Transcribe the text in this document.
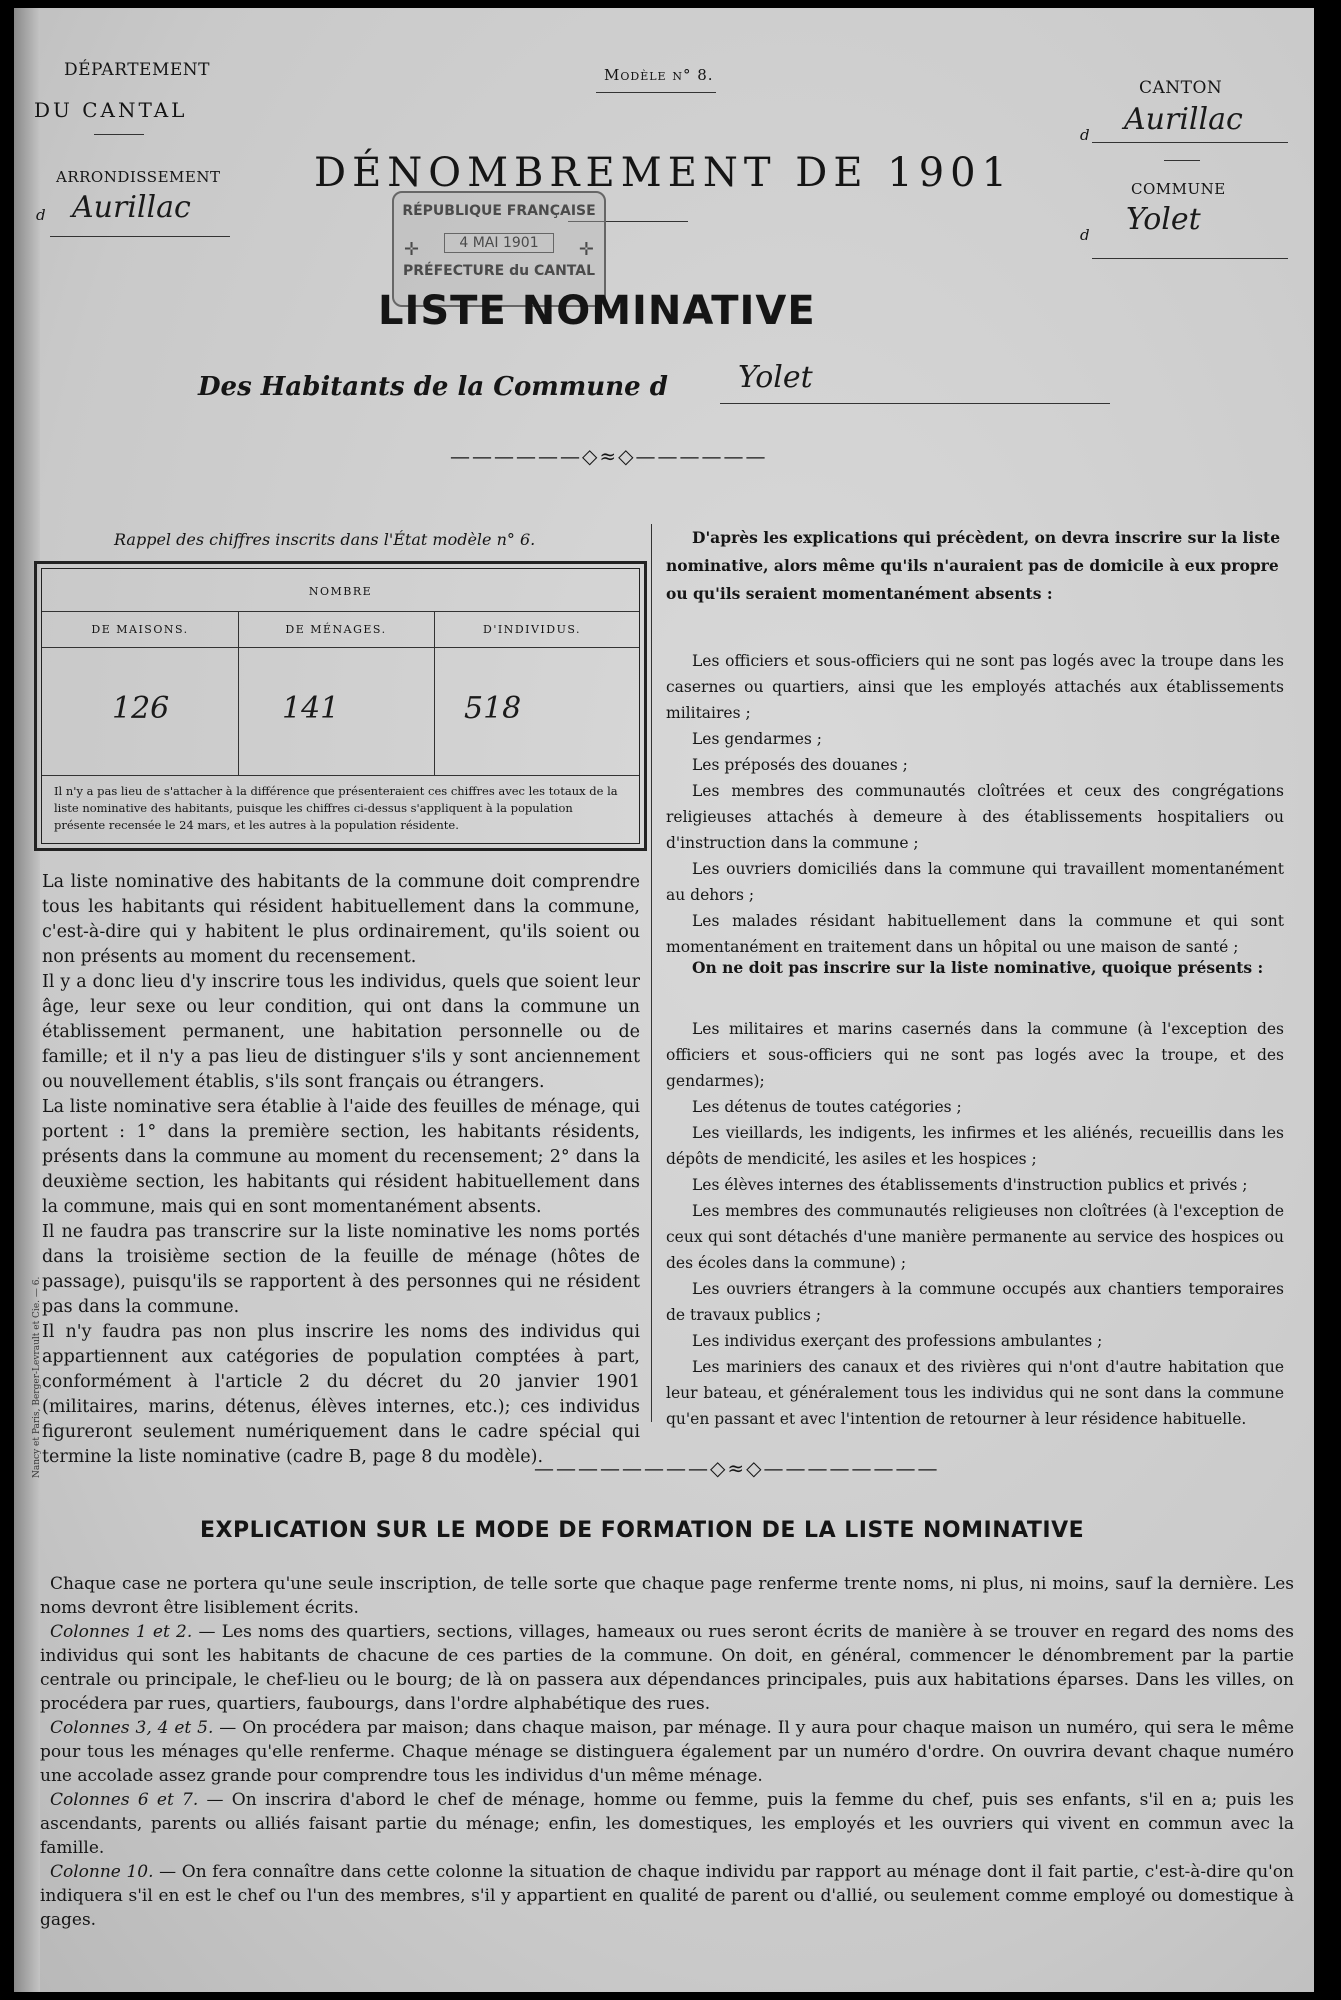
Nancy et Paris, Berger-Levrault et Cie. — 6.
DÉPARTEMENT
DU CANTAL
ARRONDISSEMENT
d Aurillac
Modèle n° 8.
DÉNOMBREMENT DE 1901
RÉPUBLIQUE FRANÇAISE
✛	4 MAI 1901 ✛
PRÉFECTURE du CANTAL
CANTON
d Aurillac
COMMUNE
d Yolet
LISTE NOMINATIVE
Des Habitants de la Commune d Yolet
——————◇≈◇——————
Rappel des chiffres inscrits dans l'État modèle n° 6.
NOMBRE
DE MAISONS.	DE MÉNAGES.	D'INDIVIDUS.
126	141	518
Il n'y a pas lieu de s'attacher à la différence que présenteraient ces chiffres avec les totaux de la liste nominative des habitants, puisque les chiffres ci-dessus s'appliquent à la population présente recensée le 24 mars, et les autres à la population résidente.

La liste nominative des habitants de la commune doit comprendre tous les habitants qui résident habituellement dans la commune, c'est-à-dire qui y habitent le plus ordinairement, qu'ils soient ou non présents au moment du recensement.

Il y a donc lieu d'y inscrire tous les individus, quels que soient leur âge, leur sexe ou leur condition, qui ont dans la commune un établissement permanent, une habitation personnelle ou de famille; et il n'y a pas lieu de distinguer s'ils y sont anciennement ou nouvellement établis, s'ils sont français ou étrangers.

La liste nominative sera établie à l'aide des feuilles de ménage, qui portent : 1° dans la première section, les habitants résidents, présents dans la commune au moment du recensement; 2° dans la deuxième section, les habitants qui résident habituellement dans la commune, mais qui en sont momentanément absents.

Il ne faudra pas transcrire sur la liste nominative les noms portés dans la troisième section de la feuille de ménage (hôtes de passage), puisqu'ils se rapportent à des personnes qui ne résident pas dans la commune.

Il n'y faudra pas non plus inscrire les noms des individus qui appartiennent aux catégories de population comptées à part, conformément à l'article 2 du décret du 20 janvier 1901 (militaires, marins, détenus, élèves internes, etc.); ces individus figureront seulement numériquement dans le cadre spécial qui termine la liste nominative (cadre B, page 8 du modèle).

D'après les explications qui précèdent, on devra inscrire sur la liste nominative, alors même qu'ils n'auraient pas de domicile à eux propre ou qu'ils seraient momentanément absents :
Les officiers et sous-officiers qui ne sont pas logés avec la troupe dans les casernes ou quartiers, ainsi que les employés attachés aux établissements militaires ;
Les gendarmes ;
Les préposés des douanes ;
Les membres des communautés cloîtrées et ceux des congrégations religieuses attachés à demeure à des établissements hospitaliers ou d'instruction dans la commune ;
Les ouvriers domiciliés dans la commune qui travaillent momentanément au dehors ;
Les malades résidant habituellement dans la commune et qui sont momentanément en traitement dans un hôpital ou une maison de santé ;
On ne doit pas inscrire sur la liste nominative, quoique présents :
Les militaires et marins casernés dans la commune (à l'exception des officiers et sous-officiers qui ne sont pas logés avec la troupe, et des gendarmes);
Les détenus de toutes catégories ;
Les vieillards, les indigents, les infirmes et les aliénés, recueillis dans les dépôts de mendicité, les asiles et les hospices ;
Les élèves internes des établissements d'instruction publics et privés ;
Les membres des communautés religieuses non cloîtrées (à l'exception de ceux qui sont détachés d'une manière permanente au service des hospices ou des écoles dans la commune) ;
Les ouvriers étrangers à la commune occupés aux chantiers temporaires de travaux publics ;
Les individus exerçant des professions ambulantes ;
Les mariniers des canaux et des rivières qui n'ont d'autre habitation que leur bateau, et généralement tous les individus qui ne sont dans la commune qu'en passant et avec l'intention de retourner à leur résidence habituelle.
————————◇≈◇————————
EXPLICATION SUR LE MODE DE FORMATION DE LA LISTE NOMINATIVE
Chaque case ne portera qu'une seule inscription, de telle sorte que chaque page renferme trente noms, ni plus, ni moins, sauf la dernière. Les noms devront être lisiblement écrits.
Colonnes 1 et 2. — Les noms des quartiers, sections, villages, hameaux ou rues seront écrits de manière à se trouver en regard des noms des individus qui sont les habitants de chacune de ces parties de la commune. On doit, en général, commencer le dénombrement par la partie centrale ou principale, le chef-lieu ou le bourg; de là on passera aux dépendances principales, puis aux habitations éparses. Dans les villes, on procédera par rues, quartiers, faubourgs, dans l'ordre alphabétique des rues.
Colonnes 3, 4 et 5. — On procédera par maison; dans chaque maison, par ménage. Il y aura pour chaque maison un numéro, qui sera le même pour tous les ménages qu'elle renferme. Chaque ménage se distinguera également par un numéro d'ordre. On ouvrira devant chaque numéro une accolade assez grande pour comprendre tous les individus d'un même ménage.
Colonnes 6 et 7. — On inscrira d'abord le chef de ménage, homme ou femme, puis la femme du chef, puis ses enfants, s'il en a; puis les ascendants, parents ou alliés faisant partie du ménage; enfin, les domestiques, les employés et les ouvriers qui vivent en commun avec la famille.
Colonne 10. — On fera connaître dans cette colonne la situation de chaque individu par rapport au ménage dont il fait partie, c'est-à-dire qu'on indiquera s'il en est le chef ou l'un des membres, s'il y appartient en qualité de parent ou d'allié, ou seulement comme employé ou domestique à gages.
